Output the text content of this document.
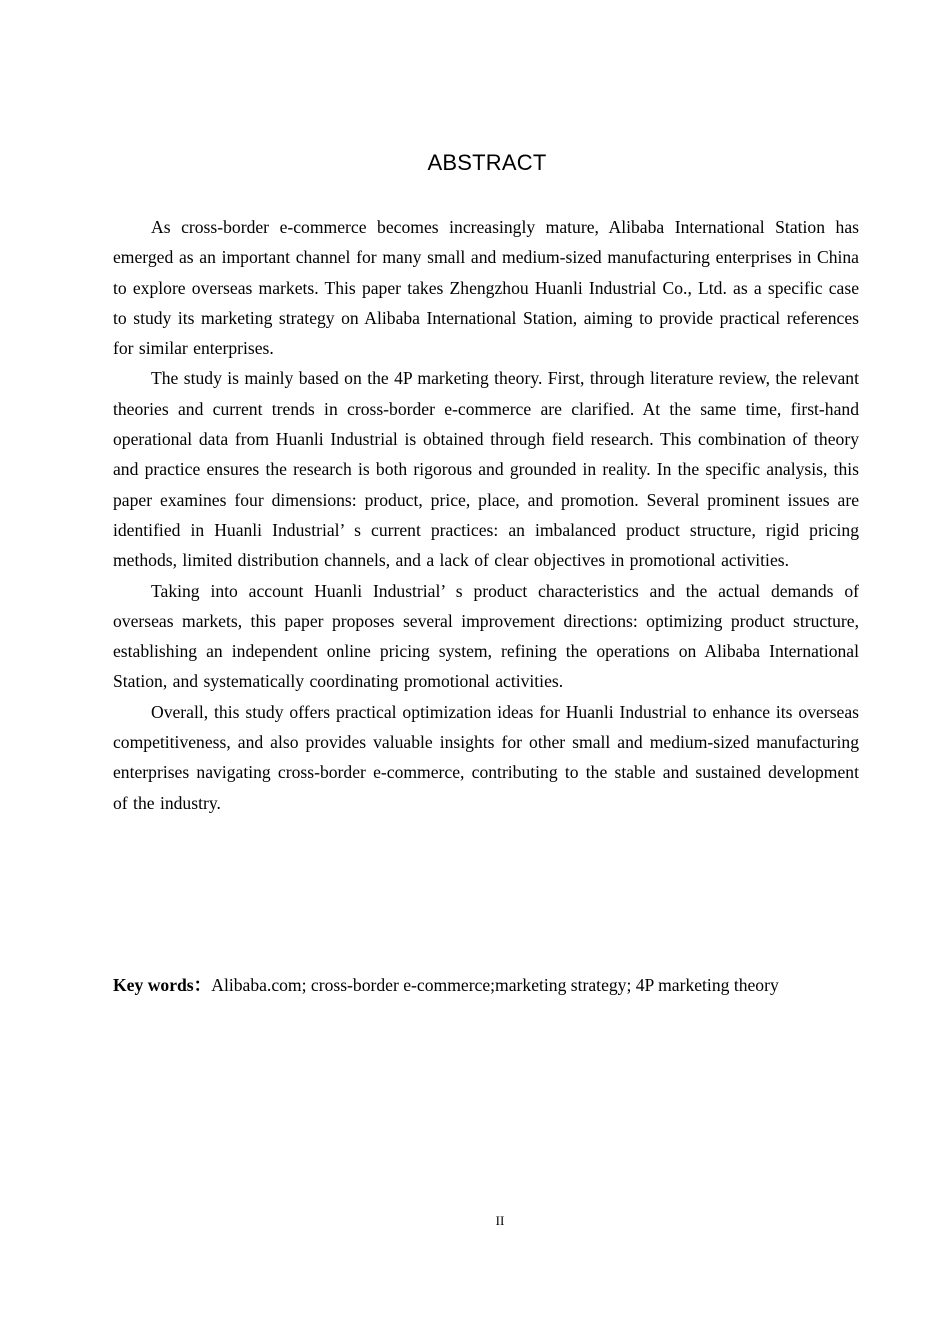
ABSTRACT

As cross-border e-commerce becomes increasingly mature, Alibaba International Station has emerged as an important channel for many small and medium-sized manufacturing enterprises in China to explore overseas markets. This paper takes Zhengzhou Huanli Industrial Co., Ltd. as a specific case to study its marketing strategy on Alibaba International Station, aiming to provide practical references for similar enterprises.

The study is mainly based on the 4P marketing theory. First, through literature review, the relevant theories and current trends in cross-border e-commerce are clarified. At the same time, first-hand operational data from Huanli Industrial is obtained through field research. This combination of theory and practice ensures the research is both rigorous and grounded in reality. In the specific analysis, this paper examines four dimensions: product, price, place, and promotion. Several prominent issues are identified in Huanli Industrial’ s current practices: an imbalanced product structure, rigid pricing methods, limited distribution channels, and a lack of clear objectives in promotional activities.

Taking into account Huanli Industrial’ s product characteristics and the actual demands of overseas markets, this paper proposes several improvement directions: optimizing product structure, establishing an independent online pricing system, refining the operations on Alibaba International Station, and systematically coordinating promotional activities.

Overall, this study offers practical optimization ideas for Huanli Industrial to enhance its overseas competitiveness, and also provides valuable insights for other small and medium-sized manufacturing enterprises navigating cross-border e-commerce, contributing to the stable and sustained development of the industry.

Key words：Alibaba.com; cross-border e-commerce;marketing strategy; 4P marketing theory
II
